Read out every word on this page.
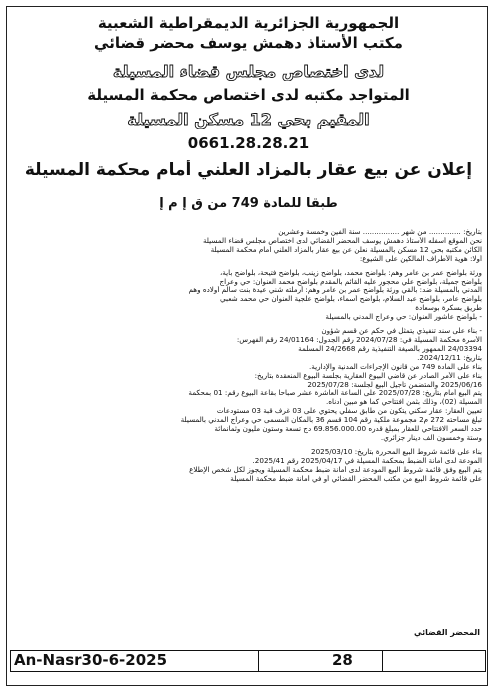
الجمهورية الجزائرية الديمقراطية الشعبية
مكتب الأستاذ دهمش يوسف محضر قضائي
لدى اختصاص مجلس قضاء المسيلة
المتواجد مكتبه لدى اختصاص محكمة المسيلة
المقيم بحي 12 مسكن المسيلة
0661.28.28.21
إعلان عن بيع عقار بالمزاد العلني أمام محكمة المسيلة
طبقا للمادة 749 من ق إ م إ
بتاريخ: .............. من شهر ................ سنة ألفين وخمسة وعشرين
نحن الموقع أسفله الأستاذ دهمش يوسف المحضر القضائي لدى اختصاص مجلس قضاء المسيلة
الكائن مكتبه بحي 12 مسكن بالمسيلة نعلن عن بيع عقار بالمزاد العلني أمام محكمة المسيلة
أولا: هوية الأطراف المالكين على الشيوع:
ورثة بلواضح عمر بن عامر وهم: بلواضح محمد، بلواضح زينب، بلواضح فتيحة، بلواضح باية،
بلواضح جميلة، بلواضح علي محجور عليه القائم بالمقدم بلواضح محمد العنوان: حي وعراج
المدني بالمسيلة ضد: بالقي ورثة بلواضح عمر بن عامر وهم: أرملته شني عيدة بنت سالم أولاده وهم
بلواضح عامر، بلواضح عبد السلام، بلواضح أسماء، بلواضح علجية العنوان حي محمد شعبي
طريق بسكرة بوسعادة
- بلواضح عاشور العنوان: حي وعراج المدني بالمسيلة
- بناء على سند تنفيذي يتمثل في حكم عن قسم شؤون
الأسرة محكمة المسيلة في: 2024/07/28 رقم الجدول: 24/01164 رقم الفهرس:
24/03394 الممهور بالصيغة التنفيذية رقم 24/2668 المسلمة
بتاريخ: 2024/12/11.
بناء على المادة 749 من قانون الإجراءات المدنية والإدارية.
بناء على الأمر الصادر عن قاضي البيوع العقارية بجلسة البيوع المنعقدة بتاريخ:
2025/06/16 والمتضمن تأجيل البيع لجلسة: 2025/07/28
يتم البيع أمام بتاريخ: 2025/07/28 على الساعة العاشرة عشر صباحا بقاعة البيوع رقم: 01 بمحكمة
المسيلة (02)، وذلك بثمن افتتاحي كما هو مبين أدناه.
تعيين العقار: عقار سكني يتكون من طابق سفلي يحتوي على 03 غرف قبة 03 مستودعات
تبلغ مساحته 272 م2 مجموعة ملكية رقم 104 قسم 36 بالمكان المسمى حي وعراج المدني بالمسيلة
حدد السعر الافتتاحي للعقار بمبلغ قدره 69.856.000.00 دج تسعة وستون مليون وثمانمائة
وستة وخمسون ألف دينار جزائري.
بناء على قائمة شروط البيع المحررة بتاريخ: 2025/03/10
المودعة لدى أمانة الضبط بمحكمة المسيلة في 2025/04/17 رقم 2025/41.
يتم البيع وفق قائمة شروط البيع المودعة لدى أمانة ضبط محكمة المسيلة ويجوز لكل شخص الإطلاع
على قائمة شروط البيع من مكتب المحضر القضائي أو في أمانة ضبط محكمة المسيلة
المحضر القضائي
An-Nasr30-6-2025	28
